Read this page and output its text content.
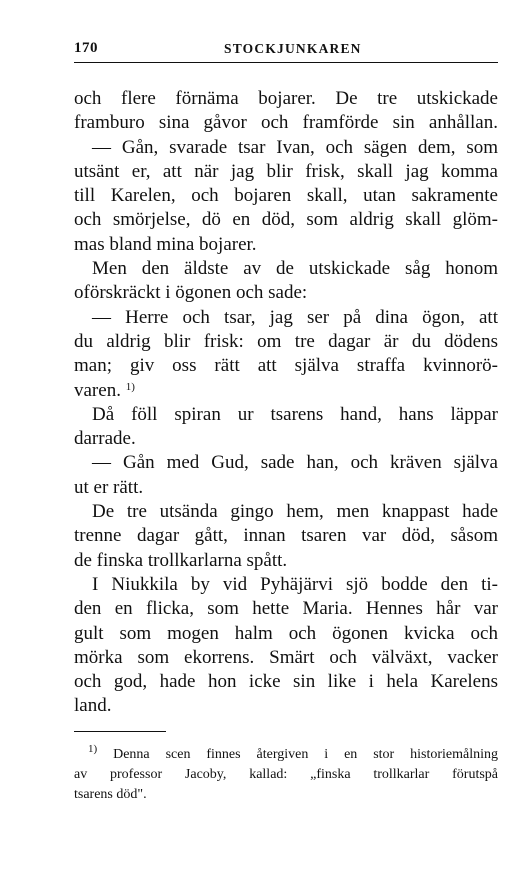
170	STOCKJUNKAREN
och flere förnäma bojarer. De tre utskickade
framburo sina gåvor och framförde sin anhållan.
— Gån, svarade tsar Ivan, och sägen dem, som
utsänt er, att när jag blir frisk, skall jag komma
till Karelen, och bojaren skall, utan sakramente
och smörjelse, dö en död, som aldrig skall glöm-
mas bland mina bojarer.
Men den äldste av de utskickade såg honom
oförskräckt i ögonen och sade:
— Herre och tsar, jag ser på dina ögon, att
du aldrig blir frisk: om tre dagar är du dödens
man; giv oss rätt att själva straffa kvinnorö-
varen. $^{1)}$
Då föll spiran ur tsarens hand, hans läppar
darrade.
— Gån med Gud, sade han, och kräven själva
ut er rätt.
De tre utsända gingo hem, men knappast hade
trenne dagar gått, innan tsaren var död, såsom
de finska trollkarlarna spått.
I Niukkila by vid Pyhäjärvi sjö bodde den ti-
den en flicka, som hette Maria. Hennes hår var
gult som mogen halm och ögonen kvicka och
mörka som ekorrens. Smärt och välväxt, vacker
och god, hade hon icke sin like i hela Karelens
land.
$^{1)}$ Denna scen finnes återgiven i en stor historiemålning
av professor Jacoby, kallad: „finska trollkarlar förutspå
tsarens död".
